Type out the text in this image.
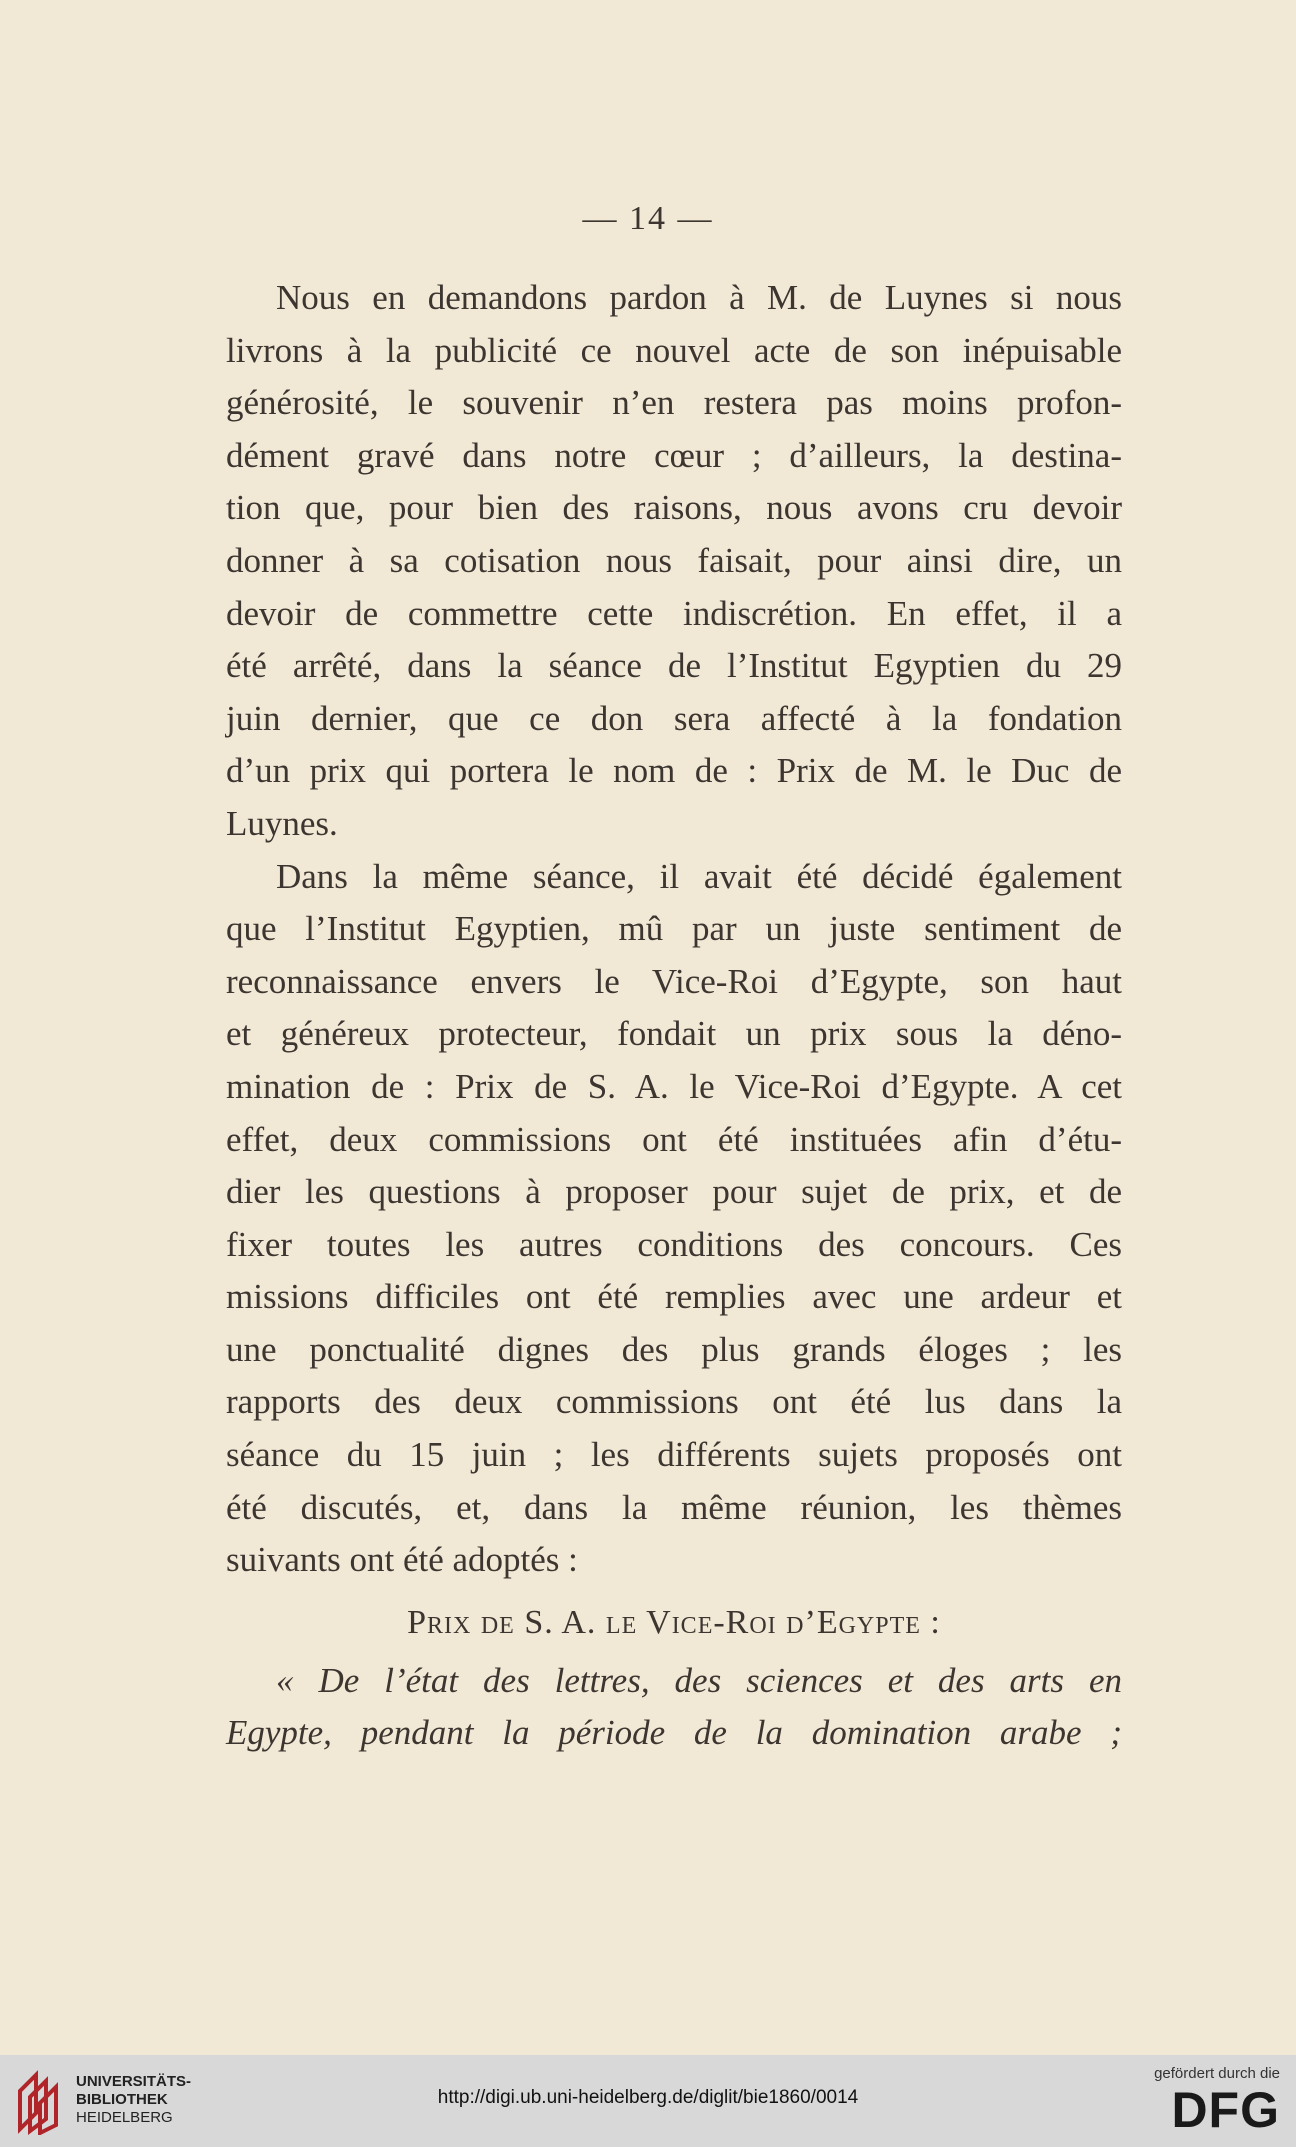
— 14 —
Nous en demandons pardon à M. de Luynes si nous
livrons à la publicité ce nouvel acte de son inépuisable
générosité, le souvenir n’en restera pas moins profon-
dément gravé dans notre cœur ; d’ailleurs, la destina-
tion que, pour bien des raisons, nous avons cru devoir
donner à sa cotisation nous faisait, pour ainsi dire, un
devoir de commettre cette indiscrétion. En effet, il a
été arrêté, dans la séance de l’Institut Egyptien du 29
juin dernier, que ce don sera affecté à la fondation
d’un prix qui portera le nom de : Prix de M. le Duc de
Luynes.
Dans la même séance, il avait été décidé également
que l’Institut Egyptien, mû par un juste sentiment de
reconnaissance envers le Vice-Roi d’Egypte, son haut
et généreux protecteur, fondait un prix sous la déno-
mination de : Prix de S. A. le Vice-Roi d’Egypte. A cet
effet, deux commissions ont été instituées afin d’étu-
dier les questions à proposer pour sujet de prix, et de
fixer toutes les autres conditions des concours. Ces
missions difficiles ont été remplies avec une ardeur et
une ponctualité dignes des plus grands éloges ; les
rapports des deux commissions ont été lus dans la
séance du 15 juin ; les différents sujets proposés ont
été discutés, et, dans la même réunion, les thèmes
suivants ont été adoptés :
Prix de S. A. le Vice-Roi d’Egypte :
« De l’état des lettres, des sciences et des arts en
Egypte, pendant la période de la domination arabe ;
UNIVERSITÄTS-
BIBLIOTHEK
HEIDELBERG
http://digi.ub.uni-heidelberg.de/diglit/bie1860/0014
gefördert durch die
DFG
